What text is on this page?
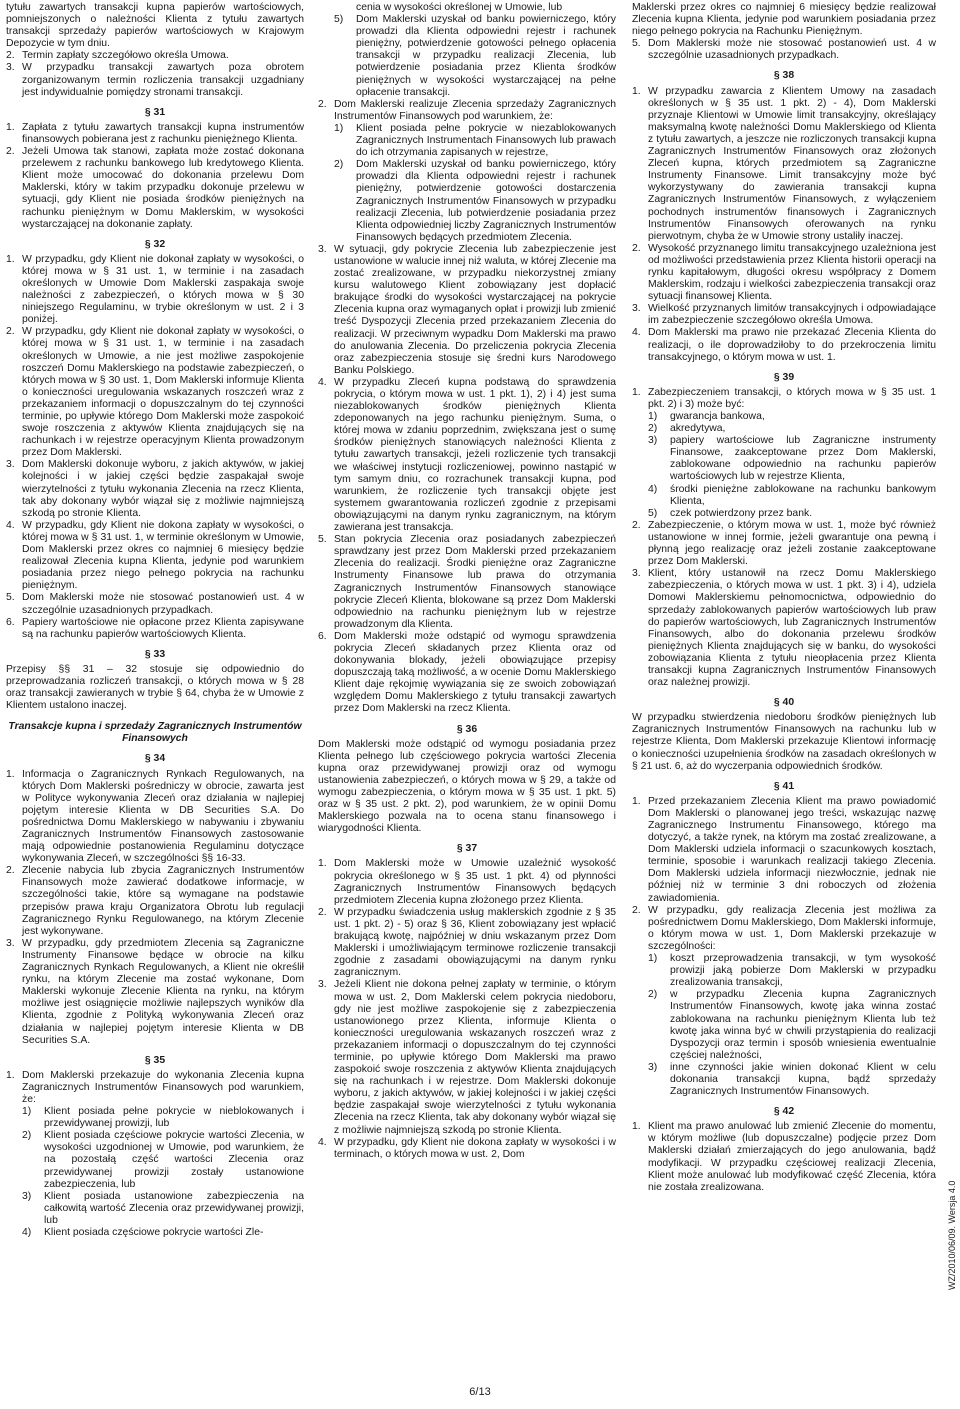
tytułu zawartych transakcji kupna papierów wartościowych, pomniejszonych o należności Klienta z tytułu zawartych transakcji sprzedaży papierów wartościowych w Krajowym Depozycie w tym dniu.

2. Termin zapłaty szczegółowo określa Umowa.
3. W przypadku transakcji zawartych poza obrotem zorganizowanym termin rozliczenia transakcji uzgadniany jest indywidualnie pomiędzy stronami transakcji.
§ 31
1. Zapłata z tytułu zawartych transakcji kupna instrumentów finansowych pobierana jest z rachunku pieniężnego Klienta.
2. Jeżeli Umowa tak stanowi, zapłata może zostać dokonana przelewem z rachunku bankowego lub kredytowego Klienta. Klient może umocować do dokonania przelewu Dom Maklerski, który w takim przypadku dokonuje przelewu w sytuacji, gdy Klient nie posiada środków pieniężnych na rachunku pieniężnym w Domu Maklerskim, w wysokości wystarczającej na dokonanie zapłaty.
§ 32
1. W przypadku, gdy Klient nie dokonał zapłaty w wysokości, o której mowa w § 31 ust. 1, w terminie i na zasadach określonych w Umowie Dom Maklerski zaspakaja swoje należności z zabezpieczeń, o których mowa w § 30 niniejszego Regulaminu, w trybie określonym w ust. 2 i 3 poniżej.
2. W przypadku, gdy Klient nie dokonał zapłaty w wysokości, o której mowa w § 31 ust. 1, w terminie i na zasadach określonych w Umowie, a nie jest możliwe zaspokojenie roszczeń Domu Maklerskiego na podstawie zabezpieczeń, o których mowa w § 30 ust. 1, Dom Maklerski informuje Klienta o konieczności uregulowania wskazanych roszczeń wraz z przekazaniem informacji o dopuszczalnym do tej czynności terminie, po upływie którego Dom Maklerski może zaspokoić swoje roszczenia z aktywów Klienta znajdujących się na rachunkach i w rejestrze operacyjnym Klienta prowadzonym przez Dom Maklerski.
3. Dom Maklerski dokonuje wyboru, z jakich aktywów, w jakiej kolejności i w jakiej części będzie zaspakajał swoje wierzytelności z tytułu wykonania Zlecenia na rzecz Klienta, tak aby dokonany wybór wiązał się z możliwie najmniejszą szkodą po stronie Klienta.
4. W przypadku, gdy Klient nie dokona zapłaty w wysokości, o której mowa w § 31 ust. 1, w terminie określonym w Umowie, Dom Maklerski przez okres co najmniej 6 miesięcy będzie realizował Zlecenia kupna Klienta, jedynie pod warunkiem posiadania przez niego pełnego pokrycia na rachunku pieniężnym.
5. Dom Maklerski może nie stosować postanowień ust. 4 w szczególnie uzasadnionych przypadkach.
6. Papiery wartościowe nie opłacone przez Klienta zapisywane są na rachunku papierów wartościowych Klienta.
§ 33

Przepisy §§ 31 – 32 stosuje się odpowiednio do przeprowadzania rozliczeń transakcji, o których mowa w § 28 oraz transakcji zawieranych w trybie § 64, chyba że w Umowie z Klientem ustalono inaczej.

Transakcje kupna i sprzedaży Zagranicznych Instrumentów Finansowych
§ 34
1. Informacja o Zagranicznych Rynkach Regulowanych, na których Dom Maklerski pośredniczy w obrocie, zawarta jest w Polityce wykonywania Zleceń oraz działania w najlepiej pojętym interesie Klienta w DB Securities S.A. Do pośrednictwa Domu Maklerskiego w nabywaniu i zbywaniu Zagranicznych Instrumentów Finansowych zastosowanie mają odpowiednie postanowienia Regulaminu dotyczące wykonywania Zleceń, w szczególności §§ 16-33.
2. Zlecenie nabycia lub zbycia Zagranicznych Instrumentów Finansowych może zawierać dodatkowe informacje, w szczególności takie, które są wymagane na podstawie przepisów prawa kraju Organizatora Obrotu lub regulacji Zagranicznego Rynku Regulowanego, na którym Zlecenie jest wykonywane.
3. W przypadku, gdy przedmiotem Zlecenia są Zagraniczne Instrumenty Finansowe będące w obrocie na kilku Zagranicznych Rynkach Regulowanych, a Klient nie określił rynku, na którym Zlecenie ma zostać wykonane, Dom Maklerski wykonuje Zlecenie Klienta na rynku, na którym możliwe jest osiągnięcie możliwie najlepszych wyników dla Klienta, zgodnie z Polityką wykonywania Zleceń oraz działania w najlepiej pojętym interesie Klienta w DB Securities S.A.
§ 35
1. Dom Maklerski przekazuje do wykonania Zlecenia kupna Zagranicznych Instrumentów Finansowych pod warunkiem, że:
1)	Klient posiada pełne pokrycie w nieblokowanych i przewidywanej prowizji, lub
2)	Klient posiada częściowe pokrycie wartości Zlecenia, w wysokości uzgodnionej w Umowie, pod warunkiem, że na pozostałą część wartości Zlecenia oraz przewidywanej prowizji zostały ustanowione zabezpieczenia, lub
3)	Klient posiada ustanowione zabezpieczenia na całkowitą wartość Zlecenia oraz przewidywanej prowizji, lub
4)	Klient posiada częściowe pokrycie wartości Zle-
cenia w wysokości określonej w Umowie, lub
5)	Dom Maklerski uzyskał od banku powierniczego, który prowadzi dla Klienta odpowiedni rejestr i rachunek pieniężny, potwierdzenie gotowości pełnego opłacenia transakcji w przypadku realizacji Zlecenia, lub potwierdzenie posiadania przez Klienta środków pieniężnych w wysokości wystarczającej na pełne opłacenie transakcji.
2. Dom Maklerski realizuje Zlecenia sprzedaży Zagranicznych Instrumentów Finansowych pod warunkiem, że:
1)	Klient posiada pełne pokrycie w niezablokowanych Zagranicznych Instrumentach Finansowych lub prawach do ich otrzymania zapisanych w rejestrze,
2)	Dom Maklerski uzyskał od banku powierniczego, który prowadzi dla Klienta odpowiedni rejestr i rachunek pieniężny, potwierdzenie gotowości dostarczenia Zagranicznych Instrumentów Finansowych w przypadku realizacji Zlecenia, lub potwierdzenie posiadania przez Klienta odpowiedniej liczby Zagranicznych Instrumentów Finansowych będących przedmiotem Zlecenia.
3. W sytuacji, gdy pokrycie Zlecenia lub zabezpieczenie jest ustanowione w walucie innej niż waluta, w której Zlecenie ma zostać zrealizowane, w przypadku niekorzystnej zmiany kursu walutowego Klient zobowiązany jest dopłacić brakujące środki do wysokości wystarczającej na pokrycie Zlecenia kupna oraz wymaganych opłat i prowizji lub zmienić treść Dyspozycji Zlecenia przed przekazaniem Zlecenia do realizacji. W przeciwnym wypadku Dom Maklerski ma prawo do anulowania Zlecenia. Do przeliczenia pokrycia Zlecenia oraz zabezpieczenia stosuje się średni kurs Narodowego Banku Polskiego.
4. W przypadku Zleceń kupna podstawą do sprawdzenia pokrycia, o którym mowa w ust. 1 pkt. 1), 2) i 4) jest suma niezablokowanych środków pieniężnych Klienta zdeponowanych na jego rachunku pieniężnym. Suma, o której mowa w zdaniu poprzednim, zwiększana jest o sumę środków pieniężnych stanowiących należności Klienta z tytułu zawartych transakcji, jeżeli rozliczenie tych transakcji we właściwej instytucji rozliczeniowej, powinno nastąpić w tym samym dniu, co rozrachunek transakcji kupna, pod warunkiem, że rozliczenie tych transakcji objęte jest systemem gwarantowania rozliczeń zgodnie z przepisami obowiązującymi na danym rynku zagranicznym, na którym zawierana jest transakcja.
5. Stan pokrycia Zlecenia oraz posiadanych zabezpieczeń sprawdzany jest przez Dom Maklerski przed przekazaniem Zlecenia do realizacji. Środki pieniężne oraz Zagraniczne Instrumenty Finansowe lub prawa do otrzymania Zagranicznych Instrumentów Finansowych stanowiące pokrycie Zleceń Klienta, blokowane są przez Dom Maklerski odpowiednio na rachunku pieniężnym lub w rejestrze prowadzonym dla Klienta.
6. Dom Maklerski może odstąpić od wymogu sprawdzenia pokrycia Zleceń składanych przez Klienta oraz od dokonywania blokady, jeżeli obowiązujące przepisy dopuszczają taką możliwość, a w ocenie Domu Maklerskiego Klient daje rękojmię wywiązania się ze swoich zobowiązań względem Domu Maklerskiego z tytułu transakcji zawartych przez Dom Maklerski na rzecz Klienta.
§ 36

Dom Maklerski może odstąpić od wymogu posiadania przez Klienta pełnego lub częściowego pokrycia wartości Zlecenia kupna oraz przewidywanej prowizji oraz od wymogu ustanowienia zabezpieczeń, o których mowa w § 29, a także od wymogu zabezpieczenia, o którym mowa w § 35 ust. 1 pkt. 5) oraz w § 35 ust. 2 pkt. 2), pod warunkiem, że w opinii Domu Maklerskiego pozwala na to ocena stanu finansowego i wiarygodności Klienta.

§ 37
1. Dom Maklerski może w Umowie uzależnić wysokość pokrycia określonego w § 35 ust. 1 pkt. 4) od płynności Zagranicznych Instrumentów Finansowych będących przedmiotem Zlecenia kupna złożonego przez Klienta.
2. W przypadku świadczenia usług maklerskich zgodnie z § 35 ust. 1 pkt. 2) - 5) oraz § 36, Klient zobowiązany jest wpłacić brakującą kwotę, najpóźniej w dniu wskazanym przez Dom Maklerski i umożliwiającym terminowe rozliczenie transakcji zgodnie z zasadami obowiązującymi na danym rynku zagranicznym.
3. Jeżeli Klient nie dokona pełnej zapłaty w terminie, o którym mowa w ust. 2, Dom Maklerski celem pokrycia niedoboru, gdy nie jest możliwe zaspokojenie się z zabezpieczenia ustanowionego przez Klienta, informuje Klienta o konieczności uregulowania wskazanych roszczeń wraz z przekazaniem informacji o dopuszczalnym do tej czynności terminie, po upływie którego Dom Maklerski ma prawo zaspokoić swoje roszczenia z aktywów Klienta znajdujących się na rachunkach i w rejestrze. Dom Maklerski dokonuje wyboru, z jakich aktywów, w jakiej kolejności i w jakiej części będzie zaspakajał swoje wierzytelności z tytułu wykonania Zlecenia na rzecz Klienta, tak aby dokonany wybór wiązał się z możliwie najmniejszą szkodą po stronie Klienta.
4. W przypadku, gdy Klient nie dokona zapłaty w wysokości i w terminach, o których mowa w ust. 2, Dom

Maklerski przez okres co najmniej 6 miesięcy będzie realizował Zlecenia kupna Klienta, jedynie pod warunkiem posiadania przez niego pełnego pokrycia na Rachunku Pieniężnym.

5. Dom Maklerski może nie stosować postanowień ust. 4 w szczególnie uzasadnionych przypadkach.
§ 38
1. W przypadku zawarcia z Klientem Umowy na zasadach określonych w § 35 ust. 1 pkt. 2) - 4), Dom Maklerski przyznaje Klientowi w Umowie limit transakcyjny, określający maksymalną kwotę należności Domu Maklerskiego od Klienta z tytułu zawartych, a jeszcze nie rozliczonych transakcji kupna Zagranicznych Instrumentów Finansowych oraz złożonych Zleceń kupna, których przedmiotem są Zagraniczne Instrumenty Finansowe. Limit transakcyjny może być wykorzystywany do zawierania transakcji kupna Zagranicznych Instrumentów Finansowych, z wyłączeniem pochodnych instrumentów finansowych i Zagranicznych Instrumentów Finansowych oferowanych na rynku pierwotnym, chyba że w Umowie strony ustaliły inaczej.
2. Wysokość przyznanego limitu transakcyjnego uzależniona jest od możliwości przedstawienia przez Klienta historii operacji na rynku kapitałowym, długości okresu współpracy z Domem Maklerskim, rodzaju i wielkości zabezpieczenia transakcji oraz sytuacji finansowej Klienta.
3. Wielkość przyznanych limitów transakcyjnych i odpowiadające im zabezpieczenie szczegółowo określa Umowa.
4. Dom Maklerski ma prawo nie przekazać Zlecenia Klienta do realizacji, o ile doprowadziłoby to do przekroczenia limitu transakcyjnego, o którym mowa w ust. 1.
§ 39
1. Zabezpieczeniem transakcji, o których mowa w § 35 ust. 1 pkt. 2) i 3) może być:
1)	gwarancja bankowa,
2)	akredytywa,
3)	papiery wartościowe lub Zagraniczne instrumenty Finansowe, zaakceptowane przez Dom Maklerski, zablokowane odpowiednio na rachunku papierów wartościowych lub w rejestrze Klienta,
4)	środki pieniężne zablokowane na rachunku bankowym Klienta,
5)	czek potwierdzony przez bank.
2. Zabezpieczenie, o którym mowa w ust. 1, może być również ustanowione w innej formie, jeżeli gwarantuje ona pewną i płynną jego realizację oraz jeżeli zostanie zaakceptowane przez Dom Maklerski.
3. Klient, który ustanowił na rzecz Domu Maklerskiego zabezpieczenia, o których mowa w ust. 1 pkt. 3) i 4), udziela Domowi Maklerskiemu pełnomocnictwa, odpowiednio do sprzedaży zablokowanych papierów wartościowych lub praw do papierów wartościowych, lub Zagranicznych Instrumentów Finansowych, albo do dokonania przelewu środków pieniężnych Klienta znajdujących się w banku, do wysokości zobowiązania Klienta z tytułu nieopłacenia przez Klienta transakcji kupna Zagranicznych Instrumentów Finansowych oraz należnej prowizji.
§ 40

W przypadku stwierdzenia niedoboru środków pieniężnych lub Zagranicznych Instrumentów Finansowych na rachunku lub w rejestrze Klienta, Dom Maklerski przekazuje Klientowi informację o konieczności uzupełnienia środków na zasadach określonych w § 21 ust. 6, aż do wyczerpania odpowiednich środków.

§ 41
1. Przed przekazaniem Zlecenia Klient ma prawo powiadomić Dom Maklerski o planowanej jego treści, wskazując nazwę Zagranicznego Instrumentu Finansowego, którego ma dotyczyć, a także rynek, na którym ma zostać zrealizowane, a Dom Maklerski udziela informacji o szacunkowych kosztach, terminie, sposobie i warunkach realizacji takiego Zlecenia. Dom Maklerski udziela informacji niezwłocznie, jednak nie później niż w terminie 3 dni roboczych od złożenia zawiadomienia.
2. W przypadku, gdy realizacja Zlecenia jest możliwa za pośrednictwem Domu Maklerskiego, Dom Maklerski informuje, o którym mowa w ust. 1, Dom Maklerski przekazuje w szczególności:
1)	koszt przeprowadzenia transakcji, w tym wysokość prowizji jaką pobierze Dom Maklerski w przypadku zrealizowania transakcji,
2)	w przypadku Zlecenia kupna Zagranicznych Instrumentów Finansowych, kwotę jaka winna zostać zablokowana na rachunku pieniężnym Klienta lub też kwotę jaka winna być w chwili przystąpienia do realizacji Dyspozycji oraz termin i sposób wniesienia ewentualnie częściej należności,
3)	inne czynności jakie winien dokonać Klient w celu dokonania transakcji kupna, bądź sprzedaży Zagranicznych Instrumentów Finansowych.
§ 42
1. Klient ma prawo anulować lub zmienić Zlecenie do momentu, w którym możliwe (lub dopuszczalne) podjęcie przez Dom Maklerski działań zmierzających do jego anulowania, bądź modyfikacji. W przypadku częściowej realizacji Zlecenia, Klient może anulować lub modyfikować część Zlecenia, która nie została zrealizowana.
6/13
WZ/2010/06/09. Wersja 4.0
